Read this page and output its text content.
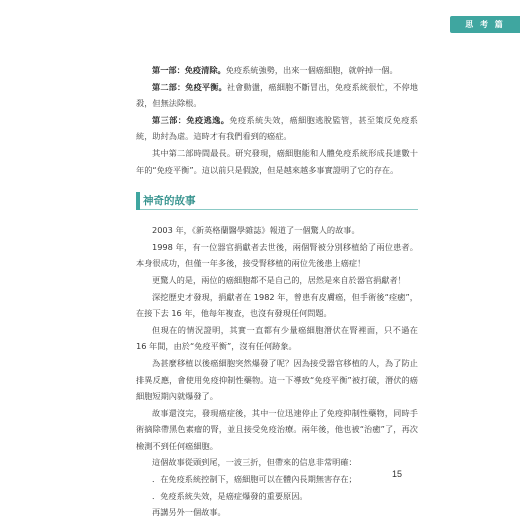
思 考 篇

第一部：免疫清除。免疫系統強勢，出來一個癌細胞，就幹掉一個。

第二部：免疫平衡。社會動盪，癌細胞不斷冒出，免疫系統很忙，不停地殺，但無法除根。

第三部：免疫逃逸。免疫系統失效，癌細胞逃脫監管，甚至策反免疫系統，助紂為虐。這時才有我們看到的癌症。

其中第二部時間最長。研究發現，癌細胞能和人體免疫系統形成長達數十年的“免疫平衡”。這以前只是假說，但是越來越多事實證明了它的存在。

神奇的故事

2003 年，《新英格蘭醫學雜誌》報道了一個驚人的故事。

1998 年，有一位器官捐獻者去世後，兩個腎被分別移植給了兩位患者。本身很成功，但僅一年多後，接受腎移植的兩位先後患上癌症！

更驚人的是，兩位的癌細胞都不是自己的，居然是來自於器官捐獻者！

深挖歷史才發現，捐獻者在 1982 年，曾患有皮膚癌，但手術後“痊癒”，在接下去 16 年，他每年複查，也沒有發現任何問題。

但現在的情況證明，其實一直都有少量癌細胞潛伏在腎裡面，只不過在 16 年間，由於“免疫平衡”，沒有任何跡象。

為甚麼移植以後癌細胞突然爆發了呢？因為接受器官移植的人，為了防止排異反應，會使用免疫抑制性藥物。這一下導致“免疫平衡”被打破，潛伏的癌細胞短期內就爆發了。

故事還沒完，發現癌症後，其中一位迅速停止了免疫抑制性藥物，同時手術摘除帶黑色素瘤的腎，並且接受免疫治療。兩年後，他也被“治癒”了，再次檢測不到任何癌細胞。

這個故事從頭到尾，一波三折，但帶來的信息非常明確：

．在免疫系統控制下，癌細胞可以在體內長期無害存在；

．免疫系統失效，是癌症爆發的重要原因。

再講另外一個故事。

15
